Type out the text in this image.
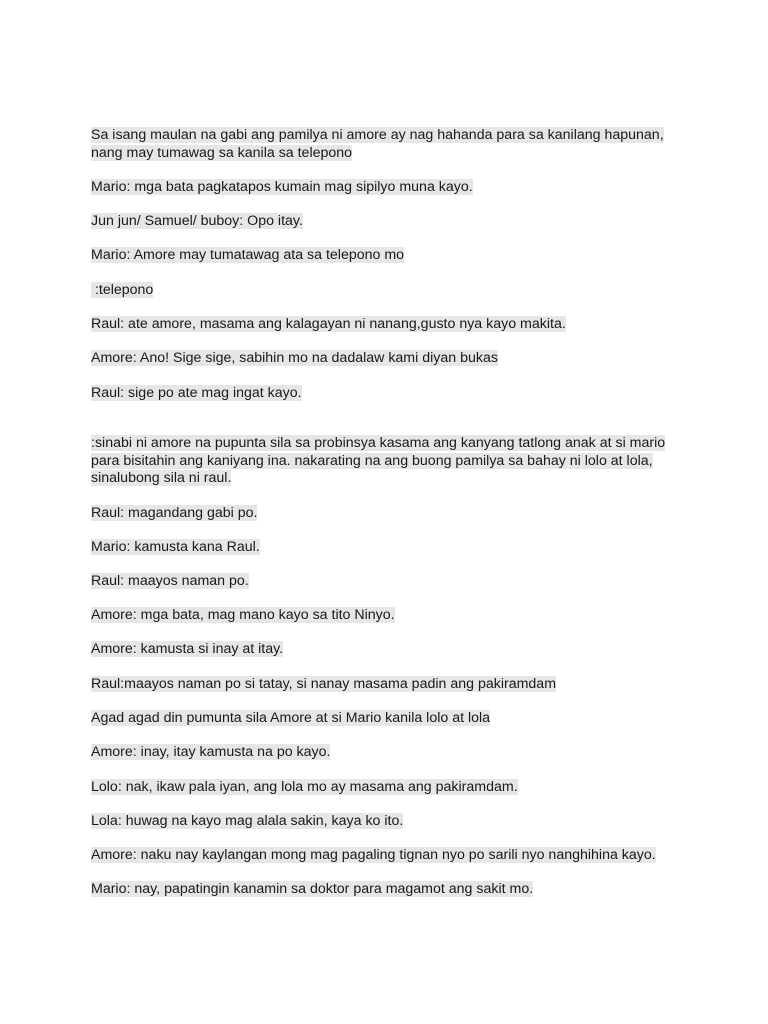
Sa isang maulan na gabi ang pamilya ni amore ay nag hahanda para sa kanilang hapunan, nang may tumawag sa kanila sa telepono

Mario: mga bata pagkatapos kumain mag sipilyo muna kayo.

Jun jun/ Samuel/ buboy: Opo itay.

Mario: Amore may tumatawag ata sa telepono mo

:telepono

Raul: ate amore, masama ang kalagayan ni nanang,gusto nya kayo makita.

Amore: Ano! Sige sige, sabihin mo na dadalaw kami diyan bukas

Raul: sige po ate mag ingat kayo.

:sinabi ni amore na pupunta sila sa probinsya kasama ang kanyang tatlong anak at si mario para bisitahin ang kaniyang ina. nakarating na ang buong pamilya sa bahay ni lolo at lola, sinalubong sila ni raul.

Raul: magandang gabi po.

Mario: kamusta kana Raul.

Raul: maayos naman po.

Amore: mga bata, mag mano kayo sa tito Ninyo.

Amore: kamusta si inay at itay.

Raul:maayos naman po si tatay, si nanay masama padin ang pakiramdam

Agad agad din pumunta sila Amore at si Mario kanila lolo at lola

Amore: inay, itay kamusta na po kayo.

Lolo: nak, ikaw pala iyan, ang lola mo ay masama ang pakiramdam.

Lola: huwag na kayo mag alala sakin, kaya ko ito.

Amore: naku nay kaylangan mong mag pagaling tignan nyo po sarili nyo nanghihina kayo.

Mario: nay, papatingin kanamin sa doktor para magamot ang sakit mo.
